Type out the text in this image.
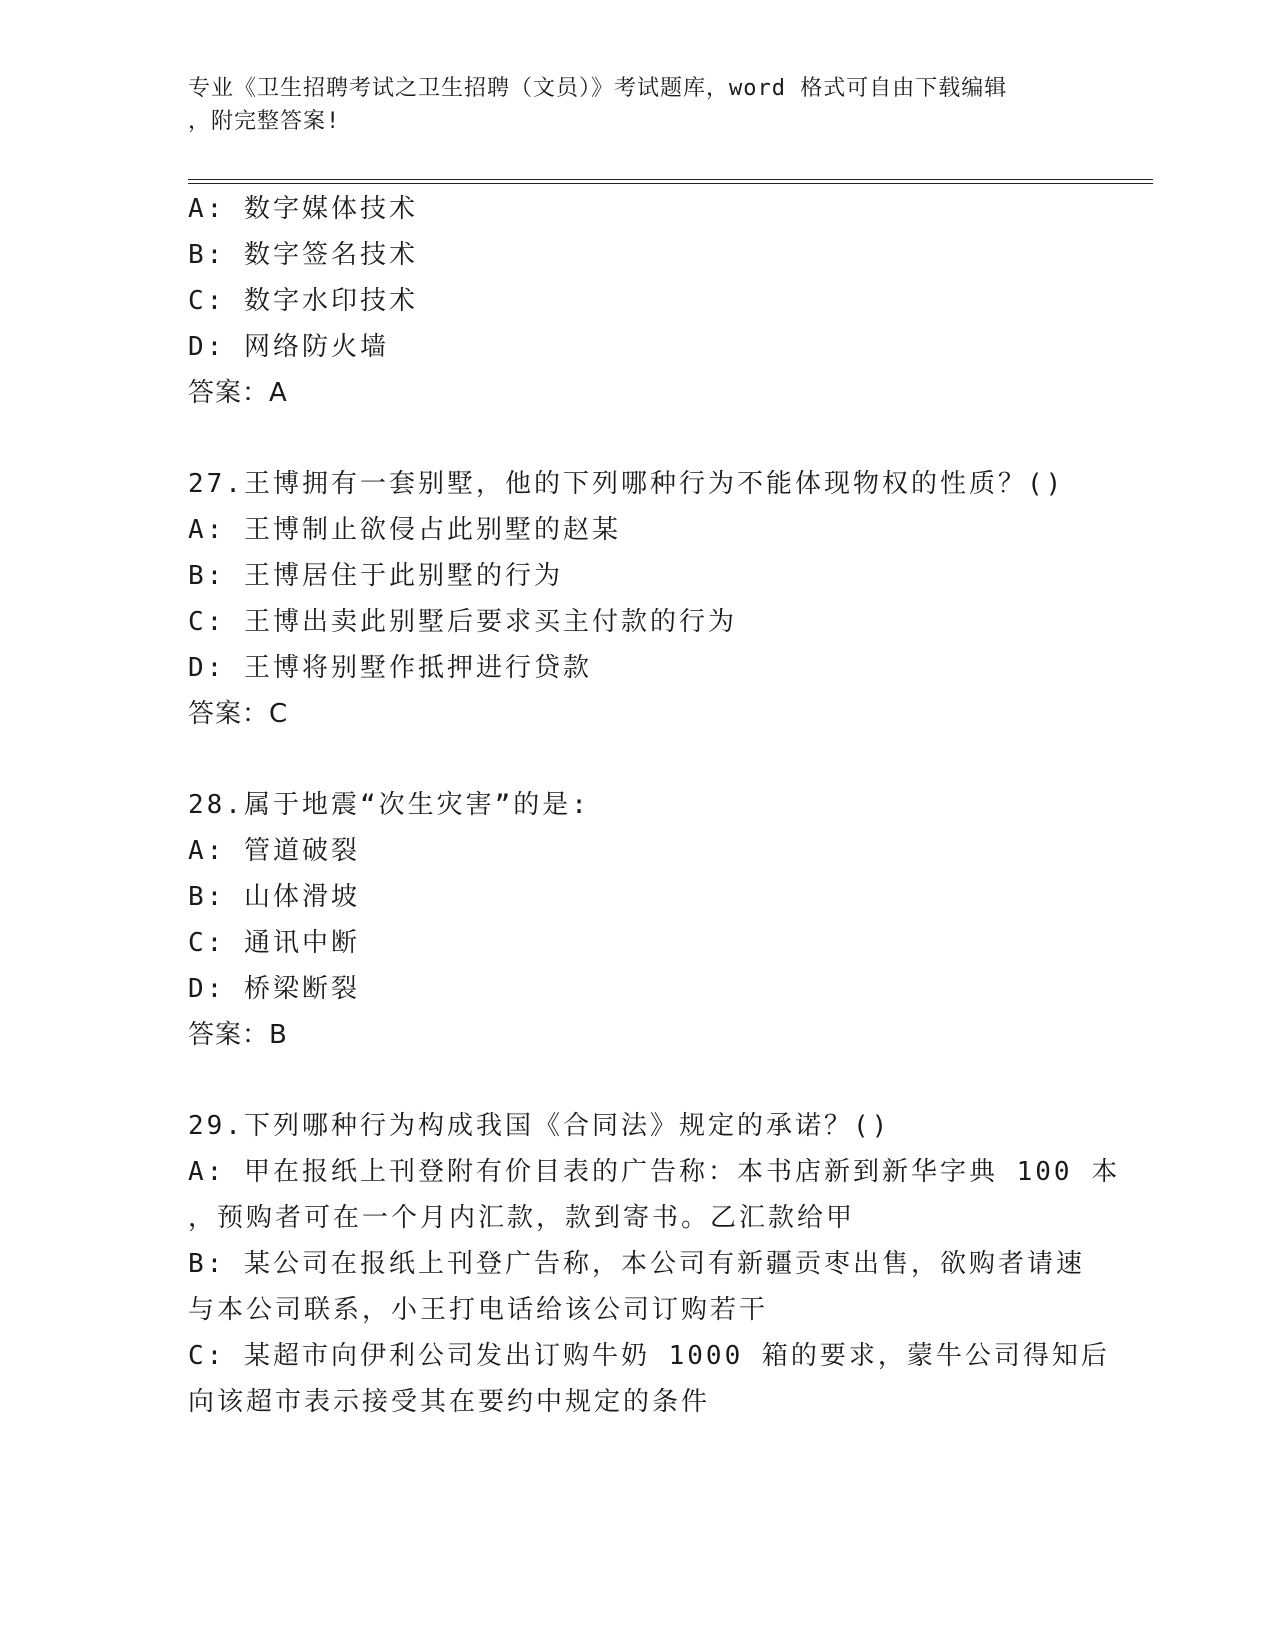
专业《卫生招聘考试之卫生招聘（文员）》考试题库，word 格式可自由下载编辑
，附完整答案!
A: 数字媒体技术
B: 数字签名技术
C: 数字水印技术
D: 网络防火墙
答案：A
27.王博拥有一套别墅，他的下列哪种行为不能体现物权的性质？()
A: 王博制止欲侵占此别墅的赵某
B: 王博居住于此别墅的行为
C: 王博出卖此别墅后要求买主付款的行为
D: 王博将别墅作抵押进行贷款
答案：C
28.属于地震“次生灾害”的是:
A: 管道破裂
B: 山体滑坡
C: 通讯中断
D: 桥梁断裂
答案：B
29.下列哪种行为构成我国《合同法》规定的承诺？()
A: 甲在报纸上刊登附有价目表的广告称：本书店新到新华字典 100 本
，预购者可在一个月内汇款，款到寄书。乙汇款给甲
B: 某公司在报纸上刊登广告称，本公司有新疆贡枣出售，欲购者请速
与本公司联系，小王打电话给该公司订购若干
C: 某超市向伊利公司发出订购牛奶 1000 箱的要求，蒙牛公司得知后
向该超市表示接受其在要约中规定的条件
